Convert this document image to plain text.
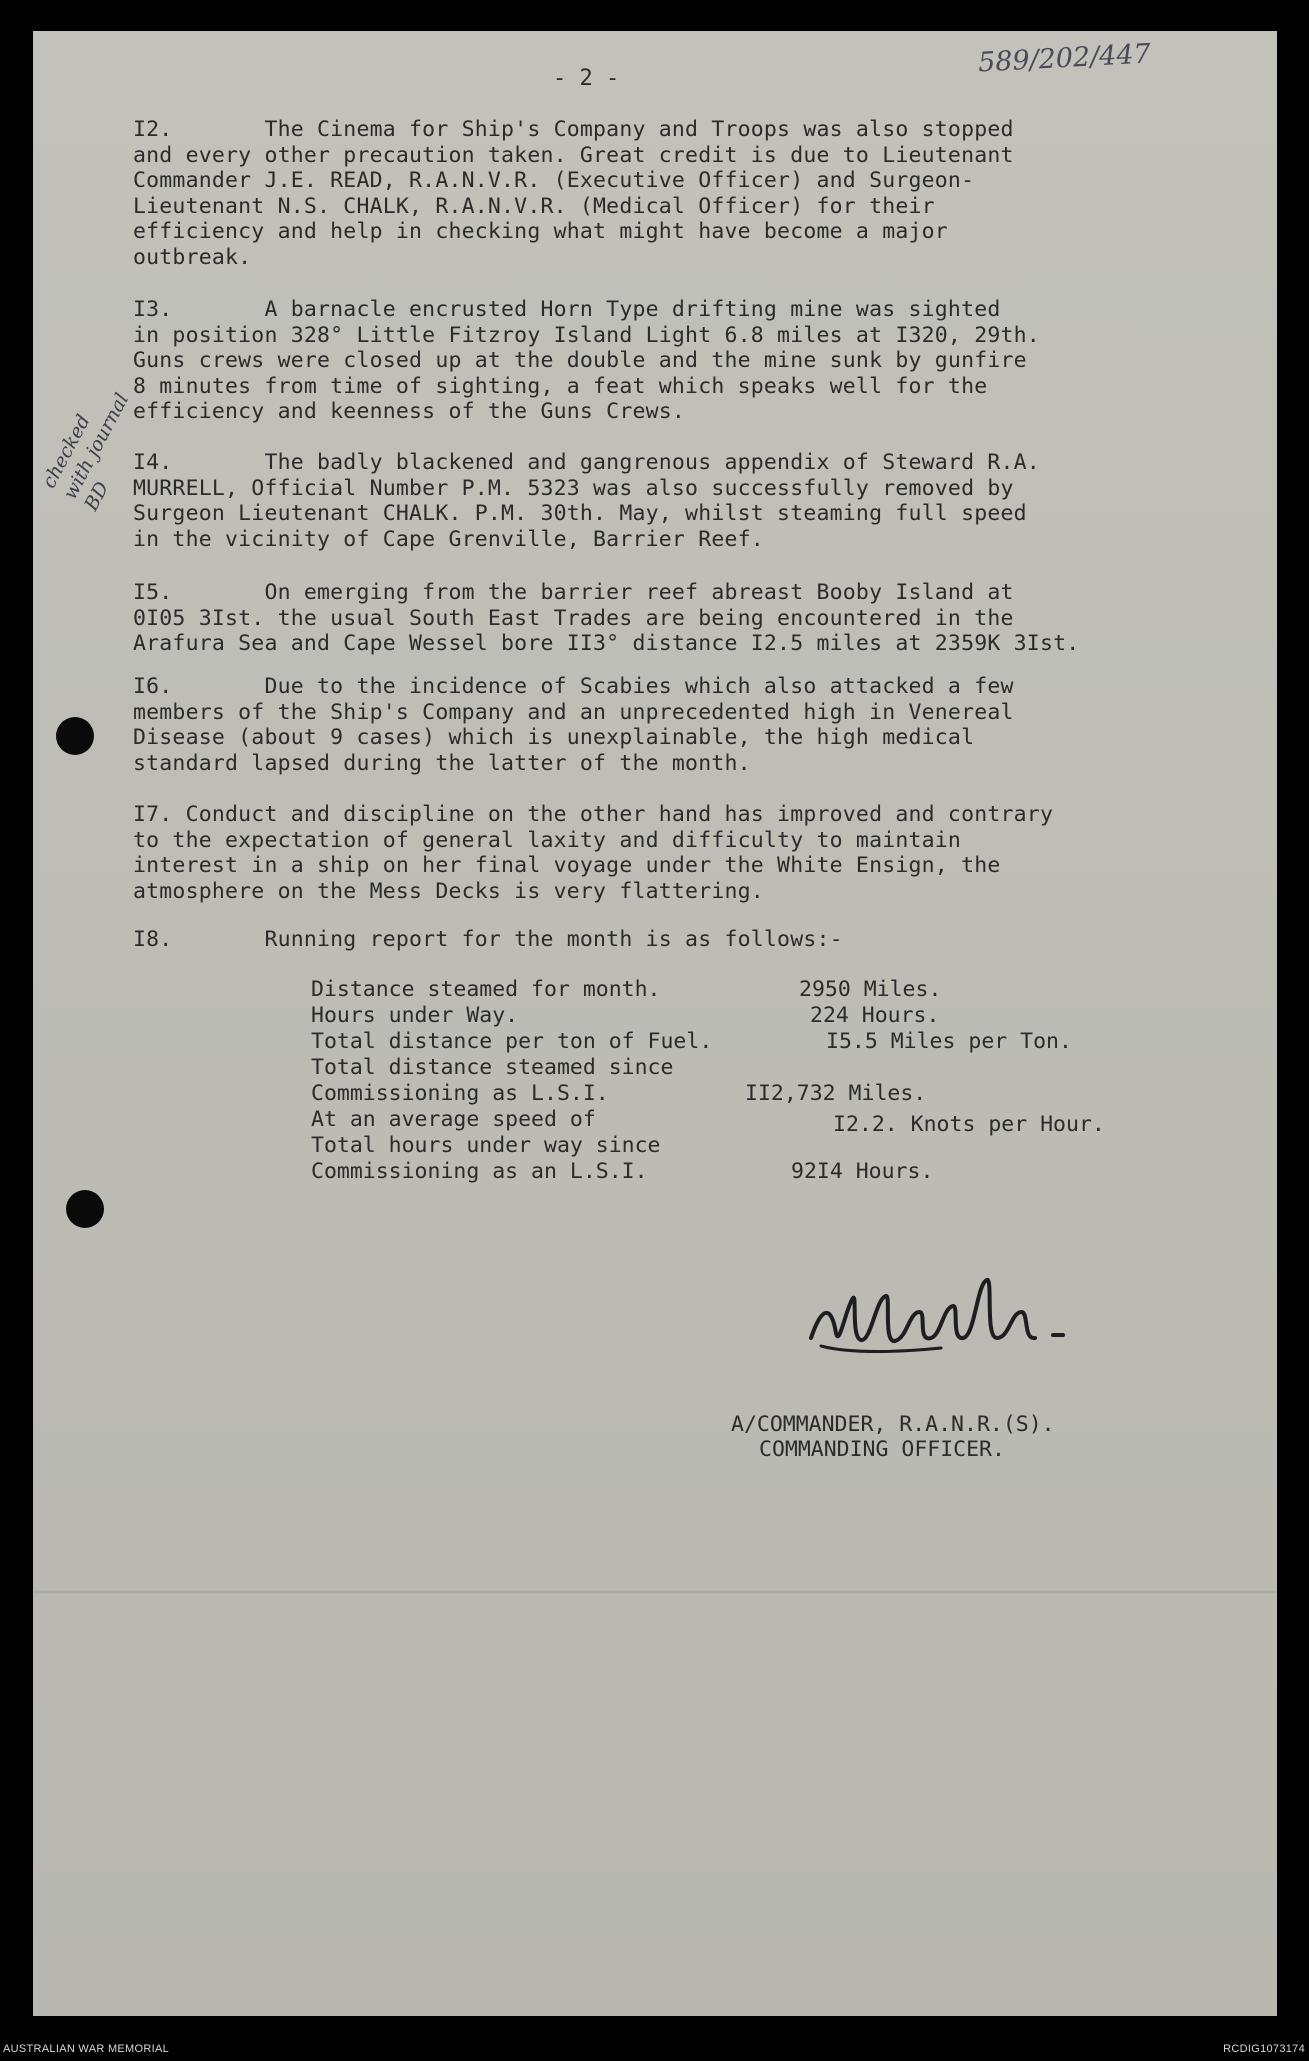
589/202/447
- 2 -

I2.       The Cinema for Ship's Company and Troops was also stopped
and every other precaution taken. Great credit is due to Lieutenant
Commander J.E. READ, R.A.N.V.R. (Executive Officer) and Surgeon-
Lieutenant N.S. CHALK, R.A.N.V.R. (Medical Officer) for their
efficiency and help in checking what might have become a major
outbreak.

I3.       A barnacle encrusted Horn Type drifting mine was sighted
in position 328° Little Fitzroy Island Light 6.8 miles at I320, 29th.
Guns crews were closed up at the double and the mine sunk by gunfire
8 minutes from time of sighting, a feat which speaks well for the
efficiency and keenness of the Guns Crews.

I4.       The badly blackened and gangrenous appendix of Steward R.A.
MURRELL, Official Number P.M. 5323 was also successfully removed by
Surgeon Lieutenant CHALK. P.M. 30th. May, whilst steaming full speed
in the vicinity of Cape Grenville, Barrier Reef.

I5.       On emerging from the barrier reef abreast Booby Island at
0I05 3Ist. the usual South East Trades are being encountered in the
Arafura Sea and Cape Wessel bore II3° distance I2.5 miles at 2359K 3Ist.

I6.       Due to the incidence of Scabies which also attacked a few
members of the Ship's Company and an unprecedented high in Venereal
Disease (about 9 cases) which is unexplainable, the high medical
standard lapsed during the latter of the month.

I7. Conduct and discipline on the other hand has improved and contrary
to the expectation of general laxity and difficulty to maintain
interest in a ship on her final voyage under the White Ensign, the
atmosphere on the Mess Decks is very flattering.

I8.       Running report for the month is as follows:-

checked
with journal
BD
Distance steamed for month.	2950 Miles.
Hours under Way.	224 Hours.
Total distance per ton of Fuel.	I5.5 Miles per Ton.
Total distance steamed since
Commissioning as L.S.I.	II2,732 Miles.
At an average speed of	I2.2. Knots per Hour.
Total hours under way since
Commissioning as an L.S.I.	92I4 Hours.
A/COMMANDER, R.A.N.R.(S).
COMMANDING OFFICER.
AUSTRALIAN WAR MEMORIAL	RCDIG1073174
